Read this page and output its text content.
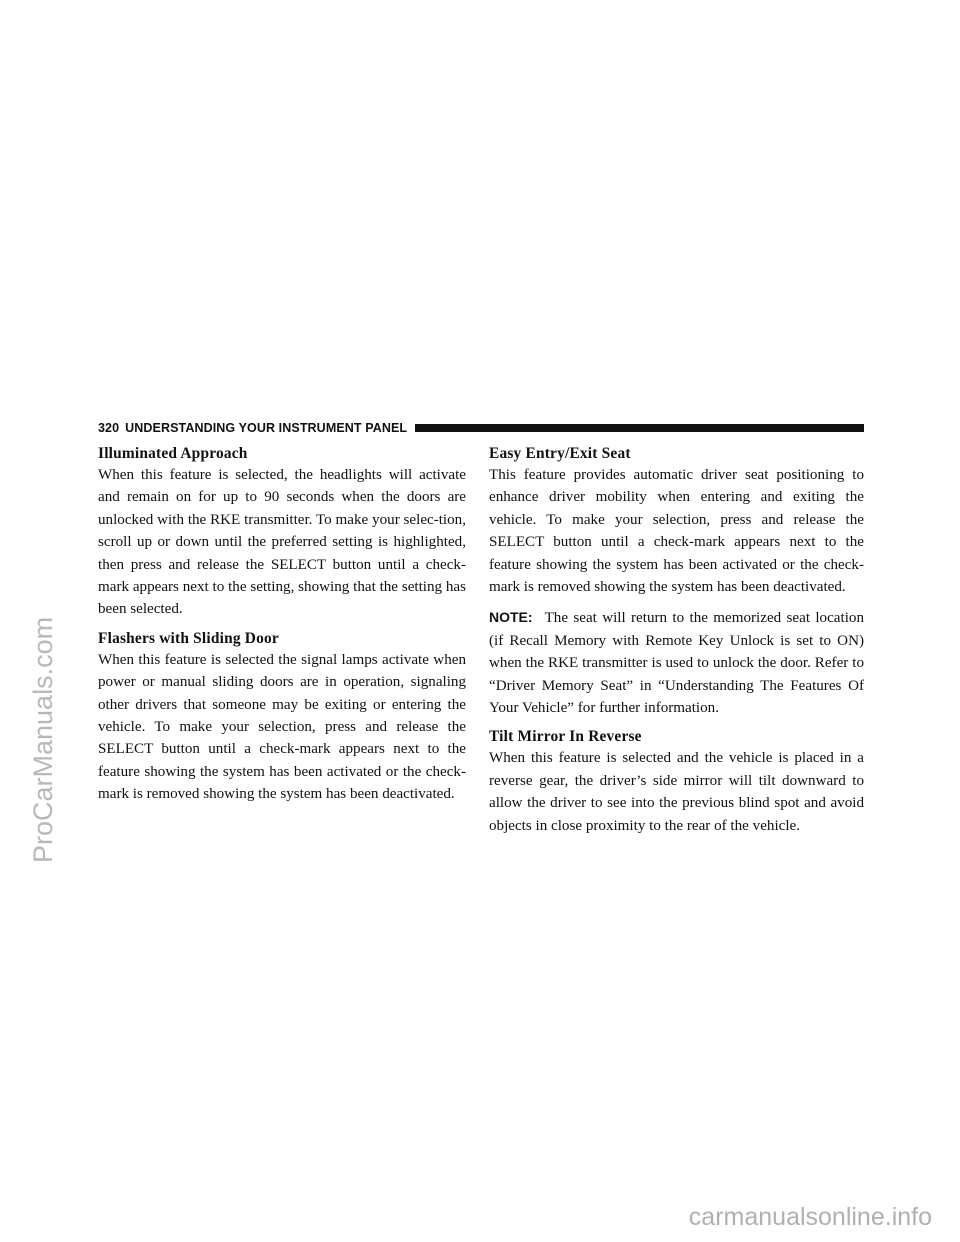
ProCarManuals.com
320 UNDERSTANDING YOUR INSTRUMENT PANEL
Illuminated Approach

When this feature is selected, the headlights will activate and remain on for up to 90 seconds when the doors are unlocked with the RKE transmitter. To make your selec-tion, scroll up or down until the preferred setting is highlighted, then press and release the SELECT button until a check-mark appears next to the setting, showing that the setting has been selected.

Flashers with Sliding Door

When this feature is selected the signal lamps activate when power or manual sliding doors are in operation, signaling other drivers that someone may be exiting or entering the vehicle. To make your selection, press and release the SELECT button until a check-mark appears next to the feature showing the system has been activated or the check-mark is removed showing the system has been deactivated.

Easy Entry/Exit Seat

This feature provides automatic driver seat positioning to enhance driver mobility when entering and exiting the vehicle. To make your selection, press and release the SELECT button until a check-mark appears next to the feature showing the system has been activated or the check-mark is removed showing the system has been deactivated.

NOTE: The seat will return to the memorized seat location (if Recall Memory with Remote Key Unlock is set to ON) when the RKE transmitter is used to unlock the door. Refer to “Driver Memory Seat” in “Understanding The Features Of Your Vehicle” for further information.

Tilt Mirror In Reverse

When this feature is selected and the vehicle is placed in a reverse gear, the driver’s side mirror will tilt downward to allow the driver to see into the previous blind spot and avoid objects in close proximity to the rear of the vehicle.

carmanualsonline.info
